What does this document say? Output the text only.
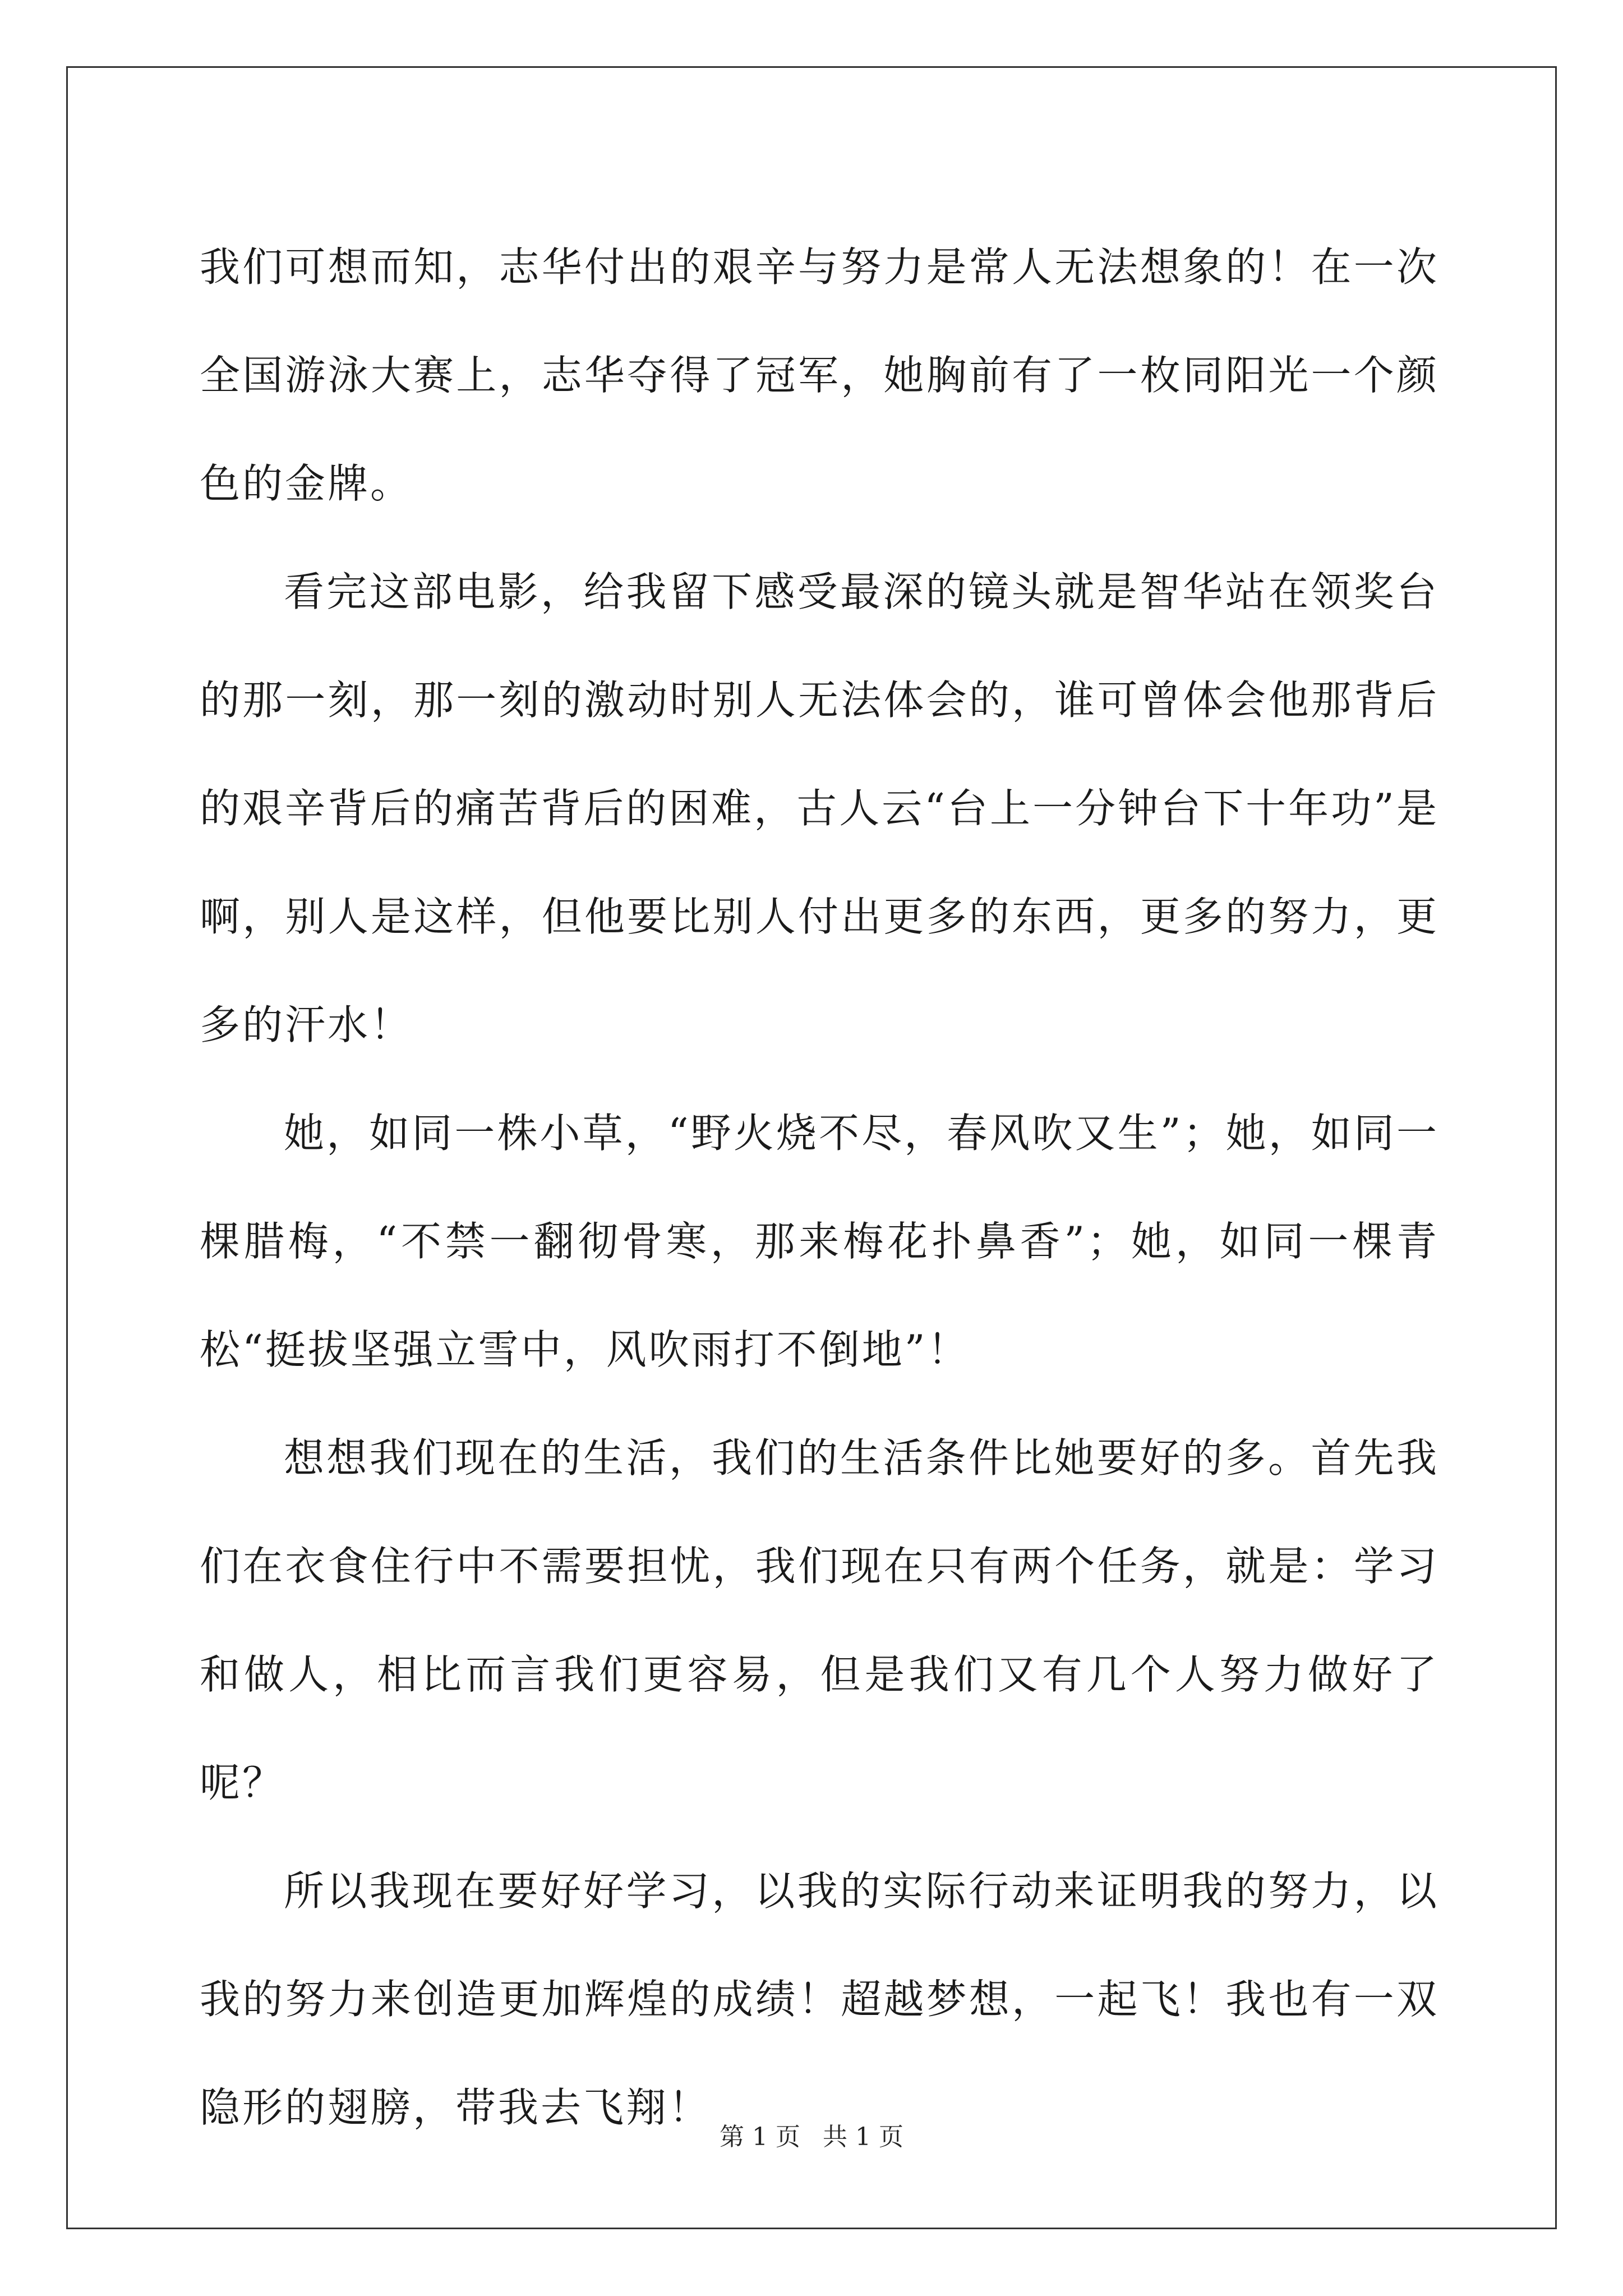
我们可想而知，志华付出的艰辛与努力是常人无法想象的！在一次全国游泳大赛上，志华夺得了冠军，她胸前有了一枚同阳光一个颜色的金牌。

看完这部电影，给我留下感受最深的镜头就是智华站在领奖台的那一刻，那一刻的激动时别人无法体会的，谁可曾体会他那背后的艰辛背后的痛苦背后的困难，古人云“台上一分钟台下十年功”是啊，别人是这样，但他要比别人付出更多的东西，更多的努力，更多的汗水！

她，如同一株小草，“野火烧不尽，春风吹又生”；她，如同一棵腊梅，“不禁一翻彻骨寒，那来梅花扑鼻香”；她，如同一棵青松“挺拔坚强立雪中，风吹雨打不倒地”！

想想我们现在的生活，我们的生活条件比她要好的多。首先我们在衣食住行中不需要担忧，我们现在只有两个任务，就是：学习和做人，相比而言我们更容易，但是我们又有几个人努力做好了呢？

所以我现在要好好学习，以我的实际行动来证明我的努力，以我的努力来创造更加辉煌的成绩！超越梦想，一起飞！我也有一双隐形的翅膀，带我去飞翔！

第 1 页 共 1 页
